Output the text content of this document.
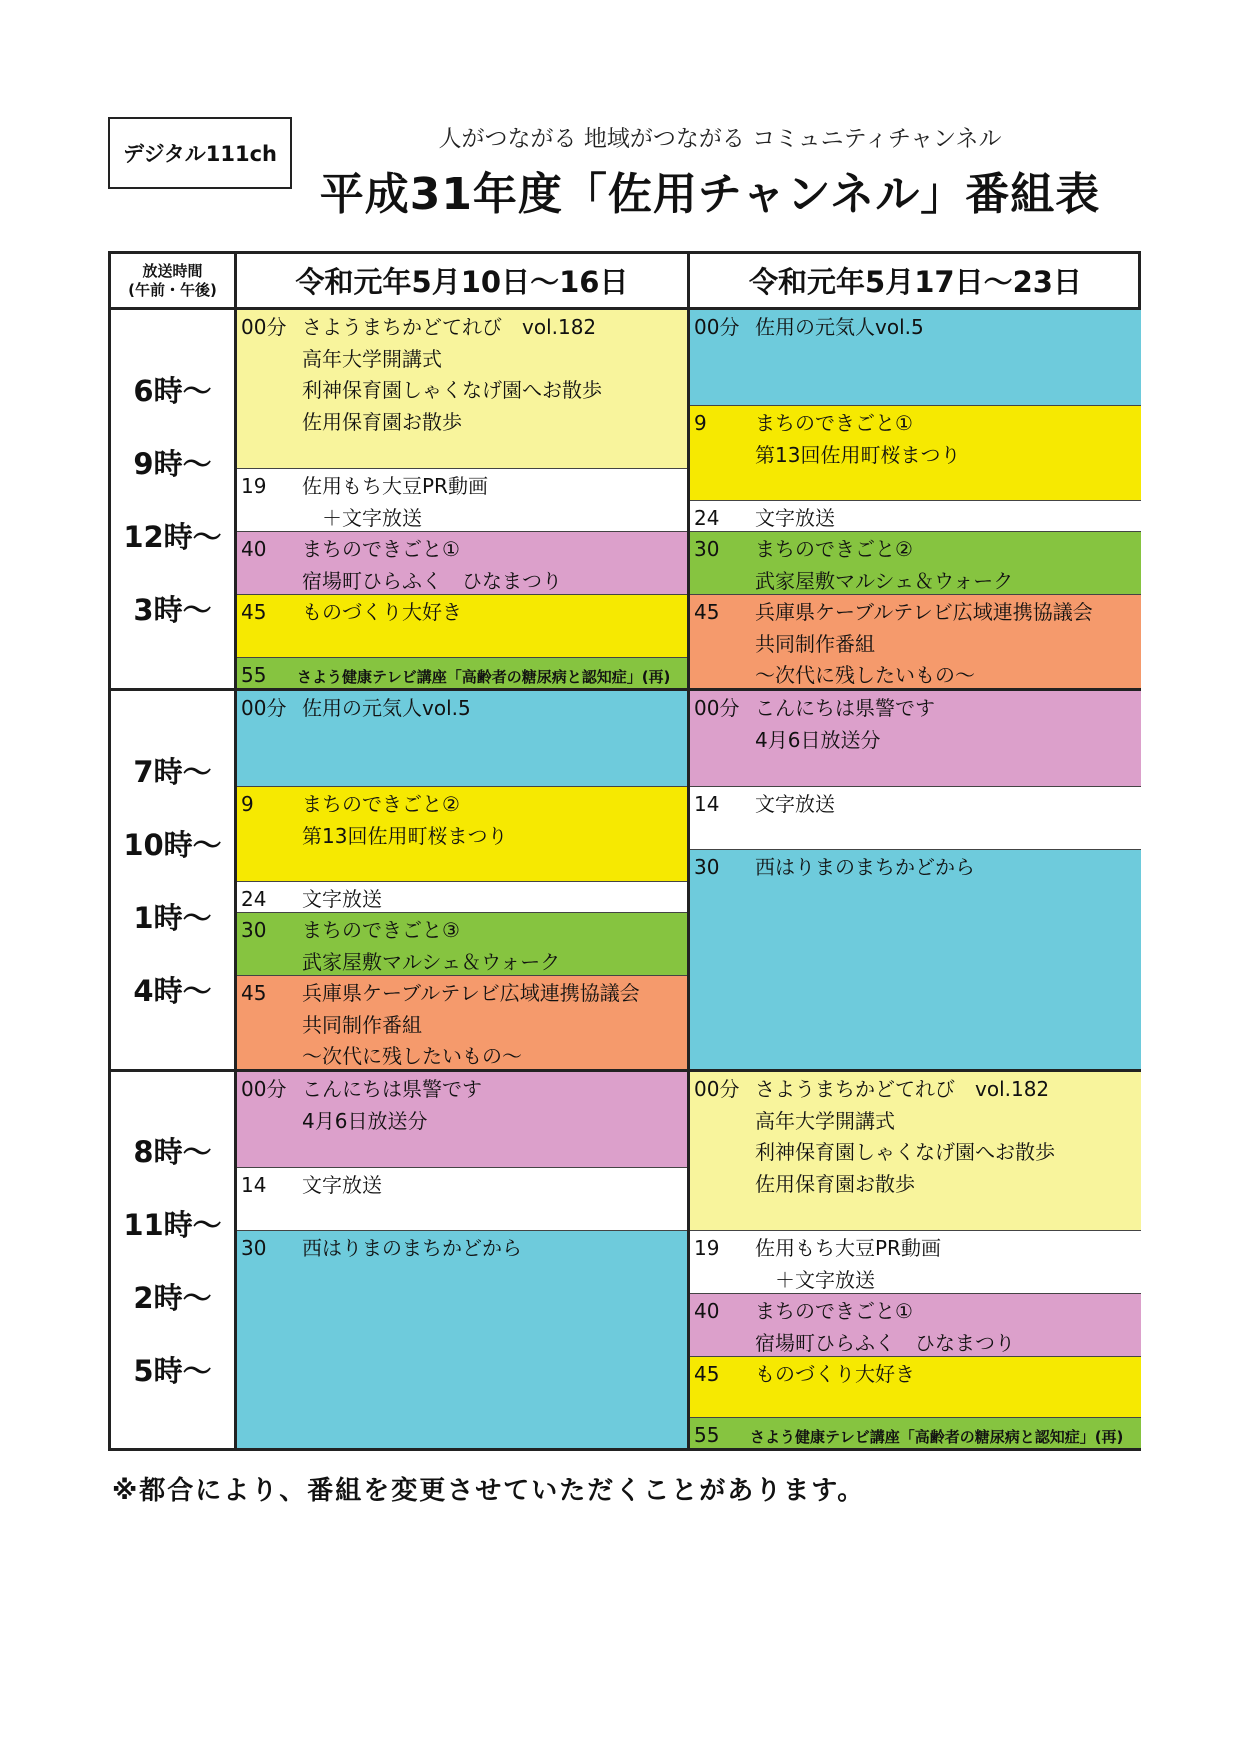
デジタル111ch
人がつながる 地域がつながる コミュニティチャンネル
平成31年度「佐用チャンネル」番組表
放送時間
(午前・午後)	令和元年5月10日～16日	令和元年5月17日～23日
6時～
9時～
12時～
3時～
00分 さようまちかどてれび　vol.182
高年大学開講式
利神保育園しゃくなげ園へお散歩
佐用保育園お散歩
19 佐用もち大豆PR動画
　＋文字放送
40 まちのできごと①
宿場町ひらふく　ひなまつり
45 ものづくり大好き
55 さよう健康テレビ講座「高齢者の糖尿病と認知症」(再)
00分 佐用の元気人vol.5
9 まちのできごと①
第13回佐用町桜まつり
24 文字放送
30 まちのできごと②
武家屋敷マルシェ＆ウォーク
45 兵庫県ケーブルテレビ広域連携協議会
共同制作番組
～次代に残したいもの～
7時～
10時～
1時～
4時～
00分 佐用の元気人vol.5
9 まちのできごと②
第13回佐用町桜まつり
24 文字放送
30 まちのできごと③
武家屋敷マルシェ＆ウォーク
45 兵庫県ケーブルテレビ広域連携協議会
共同制作番組
～次代に残したいもの～
00分 こんにちは県警です
4月6日放送分
14 文字放送
30 西はりまのまちかどから
8時～
11時～
2時～
5時～
00分 こんにちは県警です
4月6日放送分
14 文字放送
30 西はりまのまちかどから
00分 さようまちかどてれび　vol.182
高年大学開講式
利神保育園しゃくなげ園へお散歩
佐用保育園お散歩
19 佐用もち大豆PR動画
　＋文字放送
40 まちのできごと①
宿場町ひらふく　ひなまつり
45 ものづくり大好き
55 さよう健康テレビ講座「高齢者の糖尿病と認知症」(再)
※都合により、番組を変更させていただくことがあります。
